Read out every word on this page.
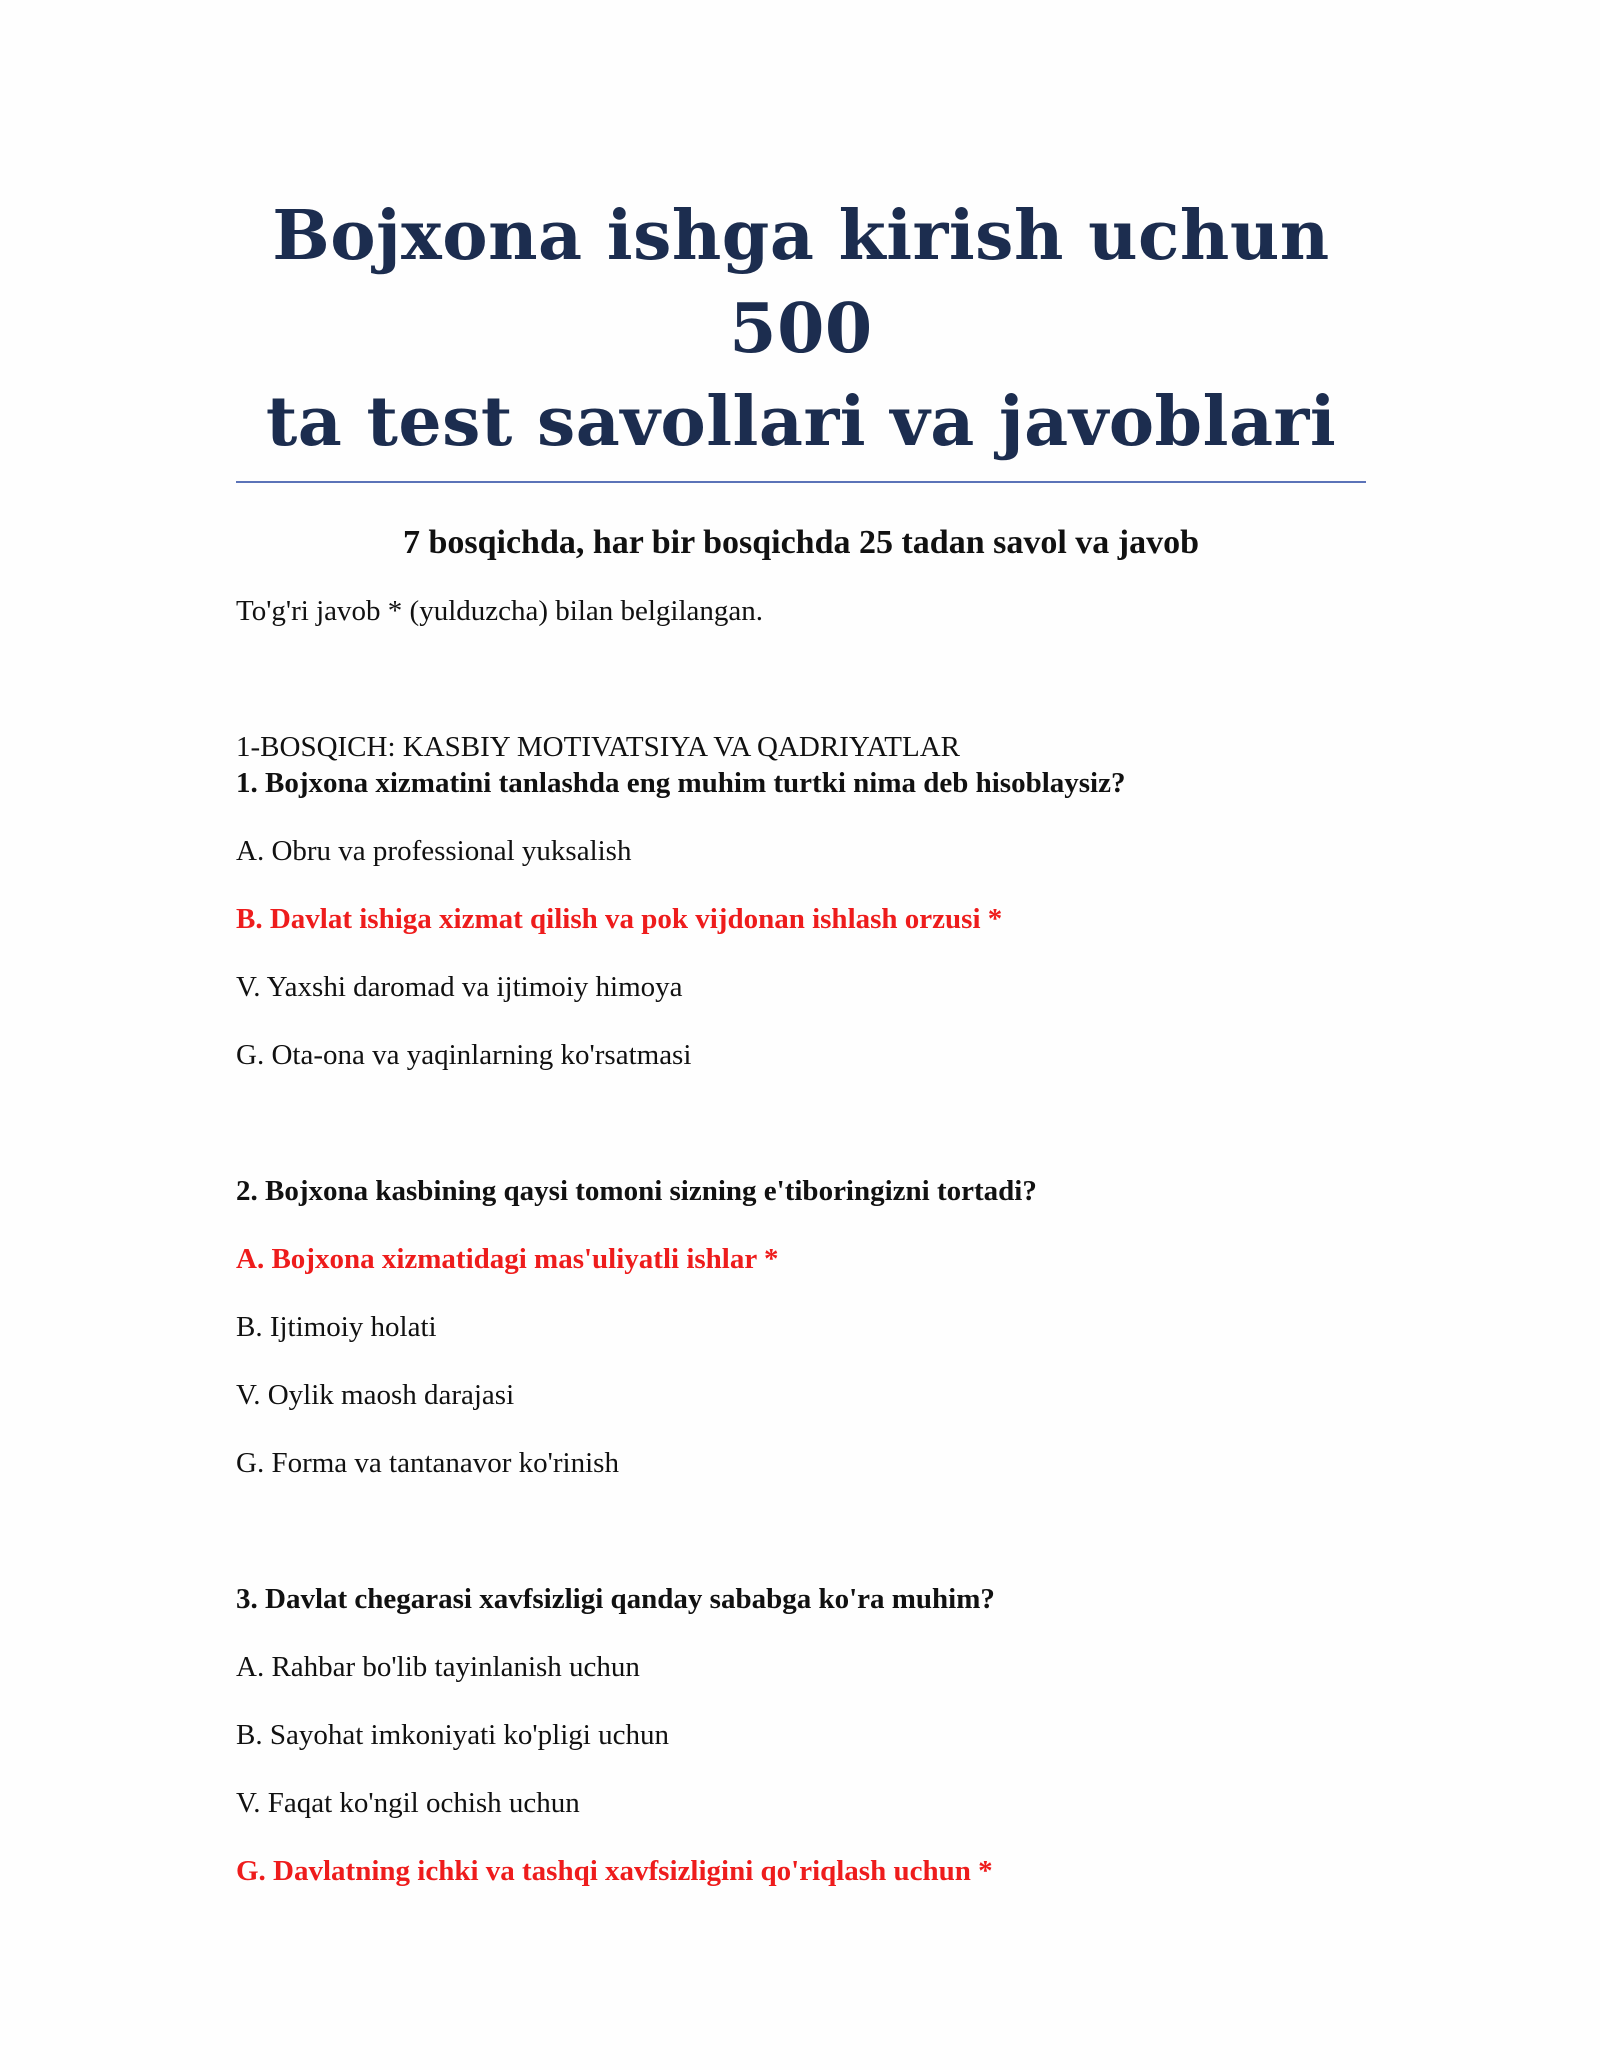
Bojxona ishga kirish uchun 500
ta test savollari va javoblari

7 bosqichda, har bir bosqichda 25 tadan savol va javob

To'g'ri javob * (yulduzcha) bilan belgilangan.

1-BOSQICH: KASBIY MOTIVATSIYA VA QADRIYATLAR

1. Bojxona xizmatini tanlashda eng muhim turtki nima deb hisoblaysiz?

A. Obru va professional yuksalish
B. Davlat ishiga xizmat qilish va pok vijdonan ishlash orzusi *
V. Yaxshi daromad va ijtimoiy himoya
G. Ota-ona va yaqinlarning ko'rsatmasi

2. Bojxona kasbining qaysi tomoni sizning e'tiboringizni tortadi?

A. Bojxona xizmatidagi mas'uliyatli ishlar *
B. Ijtimoiy holati
V. Oylik maosh darajasi
G. Forma va tantanavor ko'rinish

3. Davlat chegarasi xavfsizligi qanday sababga ko'ra muhim?

A. Rahbar bo'lib tayinlanish uchun
B. Sayohat imkoniyati ko'pligi uchun
V. Faqat ko'ngil ochish uchun
G. Davlatning ichki va tashqi xavfsizligini qo'riqlash uchun *
